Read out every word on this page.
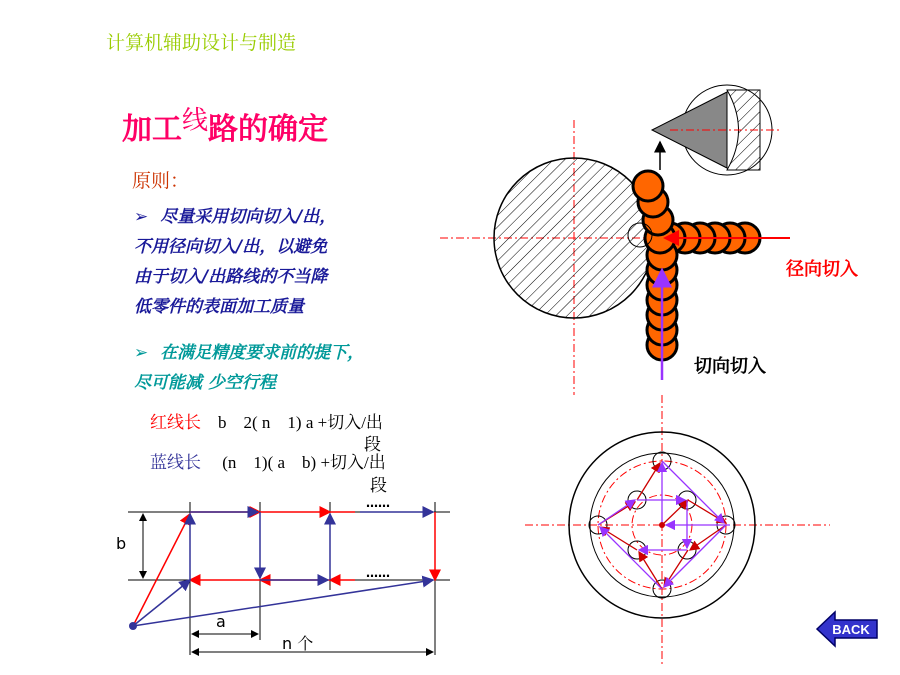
计算机辅助设计与制造
加工线路的确定
原则：
➢ 尽量采用切向切入/出，
不用径向切入/出，以避免
由于切入/出路线的不当降
低零件的表面加工质量
➢ 在满足精度要求前的提下，
尽可能减 少空行程
红线长 b　2( n　1) a +切入/出
段
蓝线长 (n　1)( a　b) +切入/出
段
b
a
n 个
……
……
径向切入
切向切入
BACK
